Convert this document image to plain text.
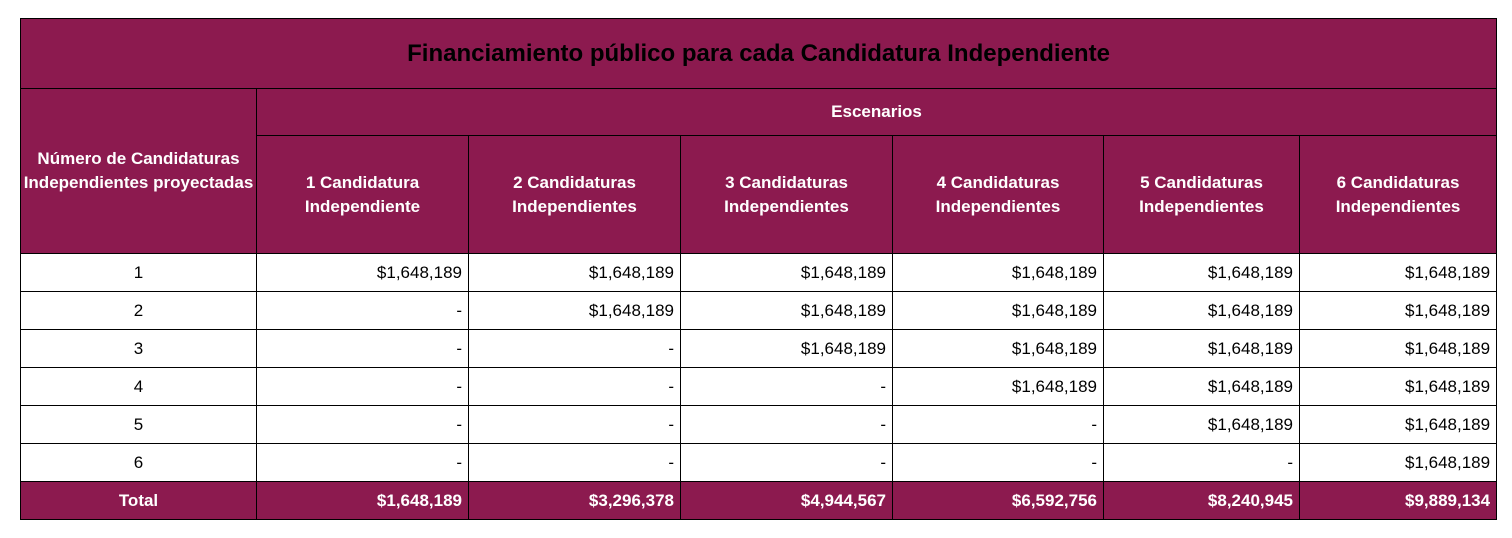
Financiamiento público para cada Candidatura Independiente						
Número de Candidaturas Independientes proyectadas	Escenarios					
	1 Candidatura Independiente	2 Candidaturas Independientes	3 Candidaturas Independientes	4 Candidaturas Independientes	5 Candidaturas Independientes	6 Candidaturas Independientes
1	$1,648,189	$1,648,189	$1,648,189	$1,648,189	$1,648,189	$1,648,189
2	-	$1,648,189	$1,648,189	$1,648,189	$1,648,189	$1,648,189
3	-	-	$1,648,189	$1,648,189	$1,648,189	$1,648,189
4	-	-	-	$1,648,189	$1,648,189	$1,648,189
5	-	-	-	-	$1,648,189	$1,648,189
6	-	-	-	-	-	$1,648,189
Total	$1,648,189	$3,296,378	$4,944,567	$6,592,756	$8,240,945	$9,889,134
